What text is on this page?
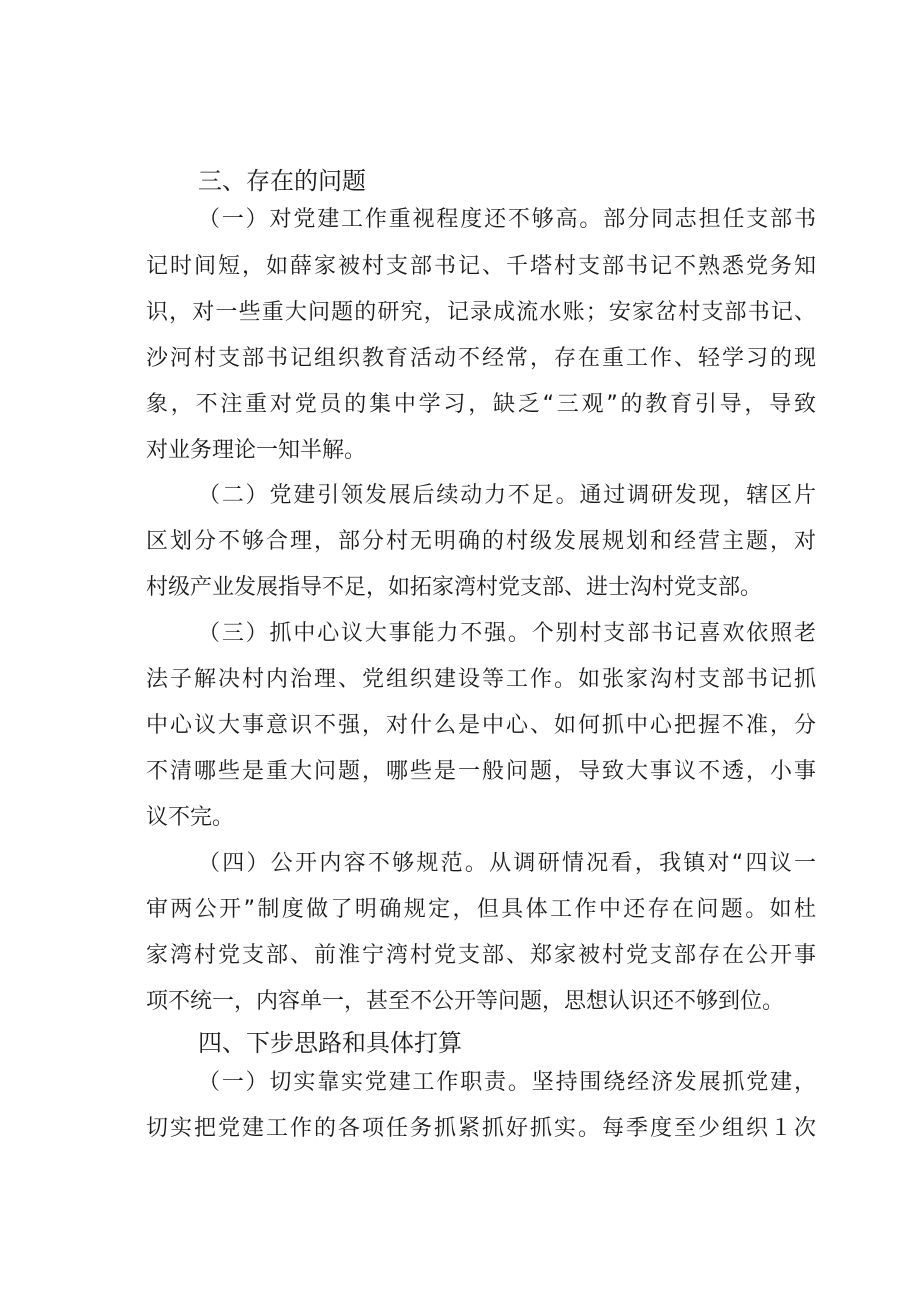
三、存在的问题

（一）对党建工作重视程度还不够高。部分同志担任支部书

记时间短，如薛家被村支部书记、千塔村支部书记不熟悉党务知

识，对一些重大问题的研究，记录成流水账；安家岔村支部书记、

沙河村支部书记组织教育活动不经常，存在重工作、轻学习的现

象，不注重对党员的集中学习，缺乏“三观”的教育引导，导致

对业务理论一知半解。

（二）党建引领发展后续动力不足。通过调研发现，辖区片

区划分不够合理，部分村无明确的村级发展规划和经营主题，对

村级产业发展指导不足，如拓家湾村党支部、进士沟村党支部。

（三）抓中心议大事能力不强。个别村支部书记喜欢依照老

法子解决村内治理、党组织建设等工作。如张家沟村支部书记抓

中心议大事意识不强，对什么是中心、如何抓中心把握不准，分

不清哪些是重大问题，哪些是一般问题，导致大事议不透，小事

议不完。

（四）公开内容不够规范。从调研情况看，我镇对“四议一

审两公开”制度做了明确规定，但具体工作中还存在问题。如杜

家湾村党支部、前淮宁湾村党支部、郑家被村党支部存在公开事

项不统一，内容单一，甚至不公开等问题，思想认识还不够到位。

四、下步思路和具体打算

（一）切实靠实党建工作职责。坚持围绕经济发展抓党建，

切实把党建工作的各项任务抓紧抓好抓实。每季度至少组织１次
